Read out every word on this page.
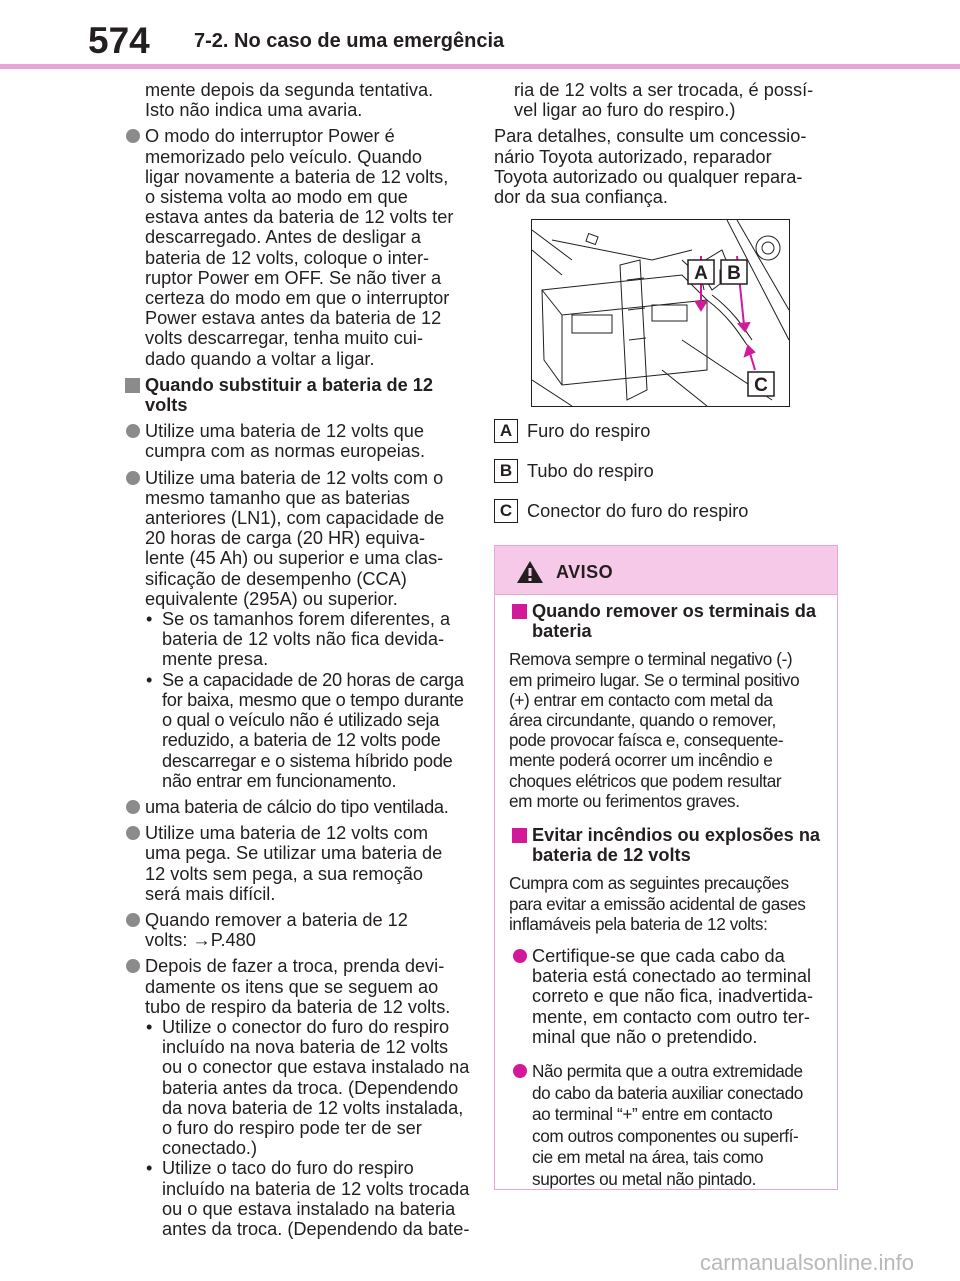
574 7-2. No caso de uma emergência
mente depois da segunda tentativa.
Isto não indica uma avaria.
O modo do interruptor Power é
memorizado pelo veículo. Quando
ligar novamente a bateria de 12 volts,
o sistema volta ao modo em que
estava antes da bateria de 12 volts ter
descarregado. Antes de desligar a
bateria de 12 volts, coloque o inter-
ruptor Power em OFF. Se não tiver a
certeza do modo em que o interruptor
Power estava antes da bateria de 12
volts descarregar, tenha muito cui-
dado quando a voltar a ligar.
Quando substituir a bateria de 12
volts
Utilize uma bateria de 12 volts que
cumpra com as normas europeias.
Utilize uma bateria de 12 volts com o
mesmo tamanho que as baterias
anteriores (LN1), com capacidade de
20 horas de carga (20 HR) equiva-
lente (45 Ah) ou superior e uma clas-
sificação de desempenho (CCA)
equivalente (295A) ou superior.
• Se os tamanhos forem diferentes, a
bateria de 12 volts não fica devida-
mente presa.
• Se a capacidade de 20 horas de carga
for baixa, mesmo que o tempo durante
o qual o veículo não é utilizado seja
reduzido, a bateria de 12 volts pode
descarregar e o sistema híbrido pode
não entrar em funcionamento.
uma bateria de cálcio do tipo ventilada.
Utilize uma bateria de 12 volts com
uma pega. Se utilizar uma bateria de
12 volts sem pega, a sua remoção
será mais difícil.
Quando remover a bateria de 12
volts: →P.480
Depois de fazer a troca, prenda devi-
damente os itens que se seguem ao
tubo de respiro da bateria de 12 volts.
• Utilize o conector do furo do respiro
incluído na nova bateria de 12 volts
ou o conector que estava instalado na
bateria antes da troca. (Dependendo
da nova bateria de 12 volts instalada,
o furo do respiro pode ter de ser
conectado.)
• Utilize o taco do furo do respiro
incluído na bateria de 12 volts trocada
ou o que estava instalado na bateria
antes da troca. (Dependendo da bate-
ria de 12 volts a ser trocada, é possí-
vel ligar ao furo do respiro.)
Para detalhes, consulte um concessio-
nário Toyota autorizado, reparador
Toyota autorizado ou qualquer repara-
dor da sua confiança.
A B
C
A Furo do respiro
B Tubo do respiro
C Conector do furo do respiro
AVISO
Quando remover os terminais da
bateria
Remova sempre o terminal negativo (-)
em primeiro lugar. Se o terminal positivo
(+) entrar em contacto com metal da
área circundante, quando o remover,
pode provocar faísca e, consequente-
mente poderá ocorrer um incêndio e
choques elétricos que podem resultar
em morte ou ferimentos graves.
Evitar incêndios ou explosões na
bateria de 12 volts
Cumpra com as seguintes precauções
para evitar a emissão acidental de gases
inflamáveis pela bateria de 12 volts:
Certifique-se que cada cabo da
bateria está conectado ao terminal
correto e que não fica, inadvertida-
mente, em contacto com outro ter-
minal que não o pretendido.
Não permita que a outra extremidade
do cabo da bateria auxiliar conectado
ao terminal “+” entre em contacto
com outros componentes ou superfí-
cie em metal na área, tais como
suportes ou metal não pintado.
carmanualsonline.info
